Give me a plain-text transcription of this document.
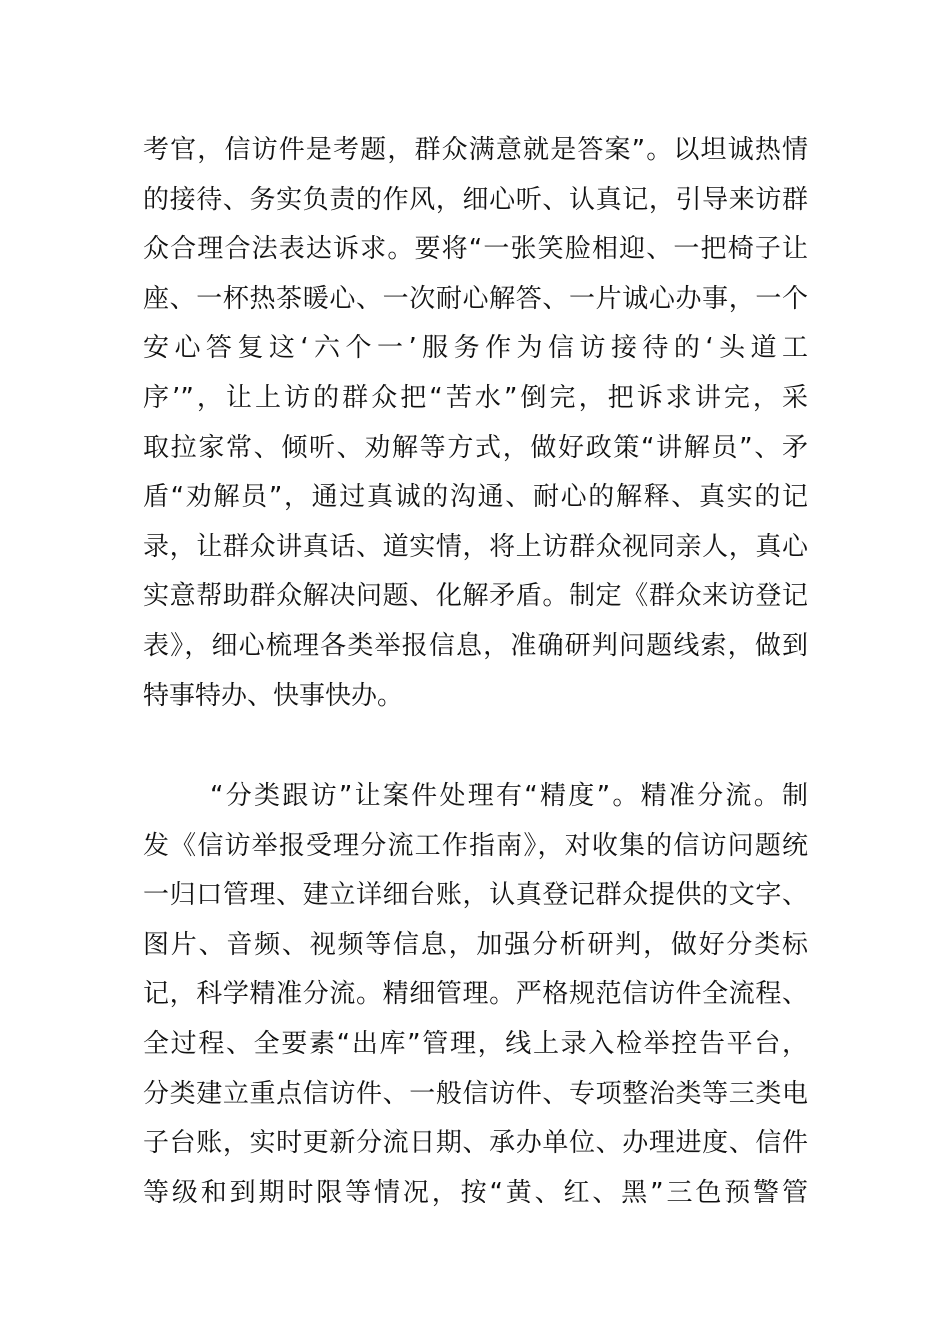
考官，信访件是考题，群众满意就是答案”。以坦诚热情
的接待、务实负责的作风，细心听、认真记，引导来访群
众合理合法表达诉求。要将“一张笑脸相迎、一把椅子让
座、一杯热茶暖心、一次耐心解答、一片诚心办事，一个
安心答复这‘六个一’服务作为信访接待的‘头道工
序’”，让上访的群众把“苦水”倒完，把诉求讲完，采
取拉家常、倾听、劝解等方式，做好政策“讲解员”、矛
盾“劝解员”，通过真诚的沟通、耐心的解释、真实的记
录，让群众讲真话、道实情，将上访群众视同亲人，真心
实意帮助群众解决问题、化解矛盾。制定《群众来访登记
表》，细心梳理各类举报信息，准确研判问题线索，做到
特事特办、快事快办。
“分类跟访”让案件处理有“精度”。精准分流。制
发《信访举报受理分流工作指南》，对收集的信访问题统
一归口管理、建立详细台账，认真登记群众提供的文字、
图片、音频、视频等信息，加强分析研判，做好分类标
记，科学精准分流。精细管理。严格规范信访件全流程、
全过程、全要素“出库”管理，线上录入检举控告平台，
分类建立重点信访件、一般信访件、专项整治类等三类电
子台账，实时更新分流日期、承办单位、办理进度、信件
等级和到期时限等情况，按“黄、红、黑”三色预警管
